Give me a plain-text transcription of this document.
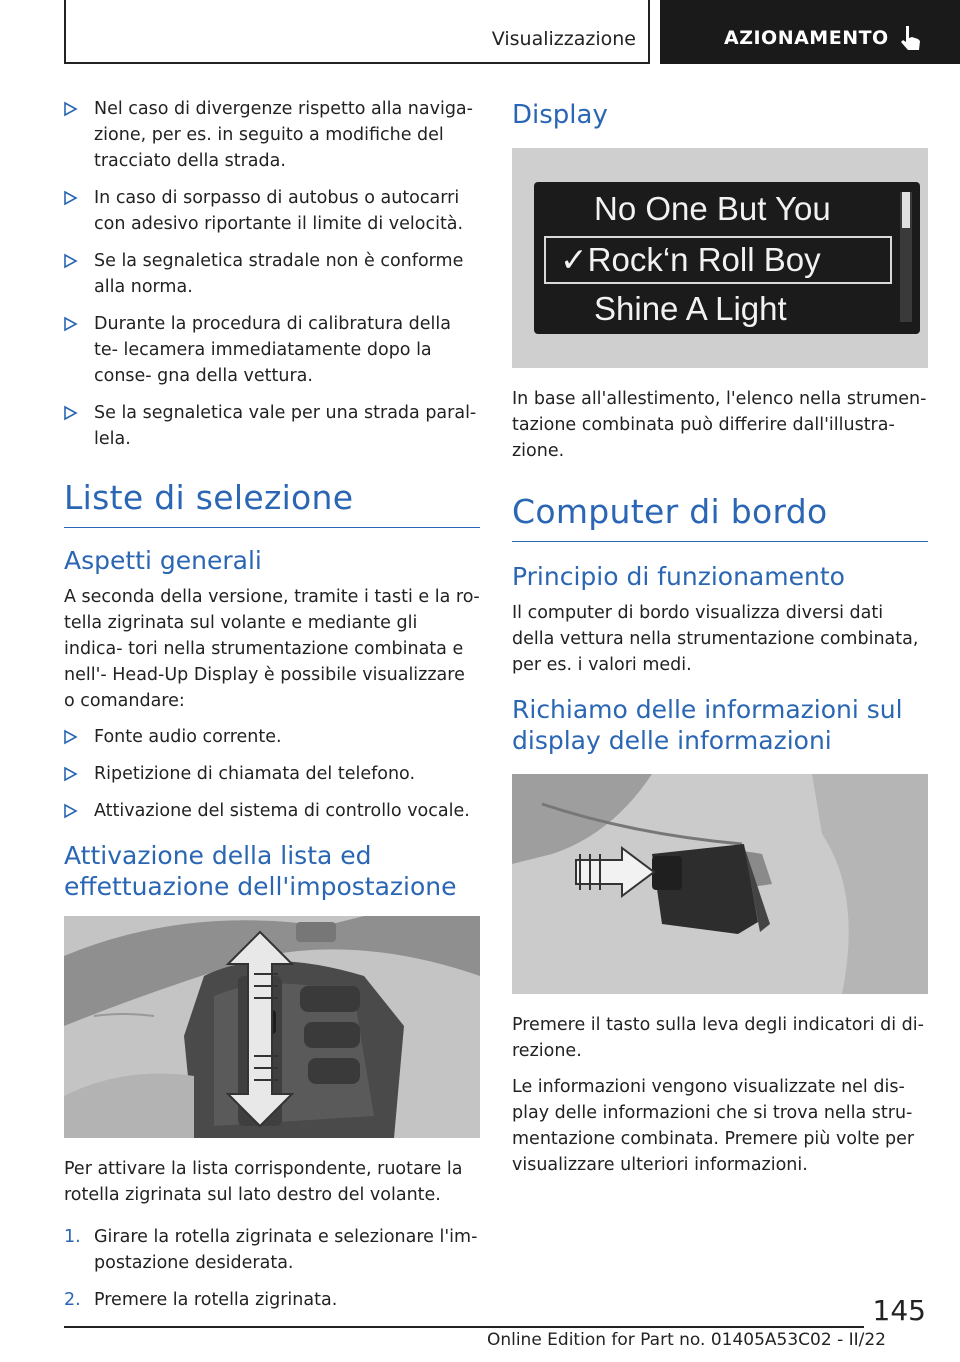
Visualizzazione	AZIONAMENTO
Nel caso di divergenze rispetto alla naviga‐ zione, per es. in seguito a modifiche del tracciato della strada.
In caso di sorpasso di autobus o autocarri con adesivo riportante il limite di velocità.
Se la segnaletica stradale non è conforme alla norma.
Durante la procedura di calibratura della te‐ lecamera immediatamente dopo la conse‐ gna della vettura.
Se la segnaletica vale per una strada paral‐ lela.
Liste di selezione
Aspetti generali

A seconda della versione, tramite i tasti e la ro‐ tella zigrinata sul volante e mediante gli indica‐ tori nella strumentazione combinata e nell'‐ Head-Up Display è possibile visualizzare o comandare:

Fonte audio corrente.
Ripetizione di chiamata del telefono.
Attivazione del sistema di controllo vocale.
Attivazione della lista ed effettuazione dell'impostazione

Per attivare la lista corrispondente, ruotare la rotella zigrinata sul lato destro del volante.

1. Girare la rotella zigrinata e selezionare l'im‐ postazione desiderata.
2. Premere la rotella zigrinata.
Display
No One But You
✓Rock‘n Roll Boy
Shine A Light

In base all'allestimento, l'elenco nella strumen‐ tazione combinata può differire dall'illustra‐ zione.

Computer di bordo
Principio di funzionamento

Il computer di bordo visualizza diversi dati della vettura nella strumentazione combinata, per es. i valori medi.

Richiamo delle informazioni sul display delle informazioni

Premere il tasto sulla leva degli indicatori di di‐ rezione.

Le informazioni vengono visualizzate nel dis‐ play delle informazioni che si trova nella stru‐ mentazione combinata. Premere più volte per visualizzare ulteriori informazioni.

145
Online Edition for Part no. 01405A53C02 - II/22
